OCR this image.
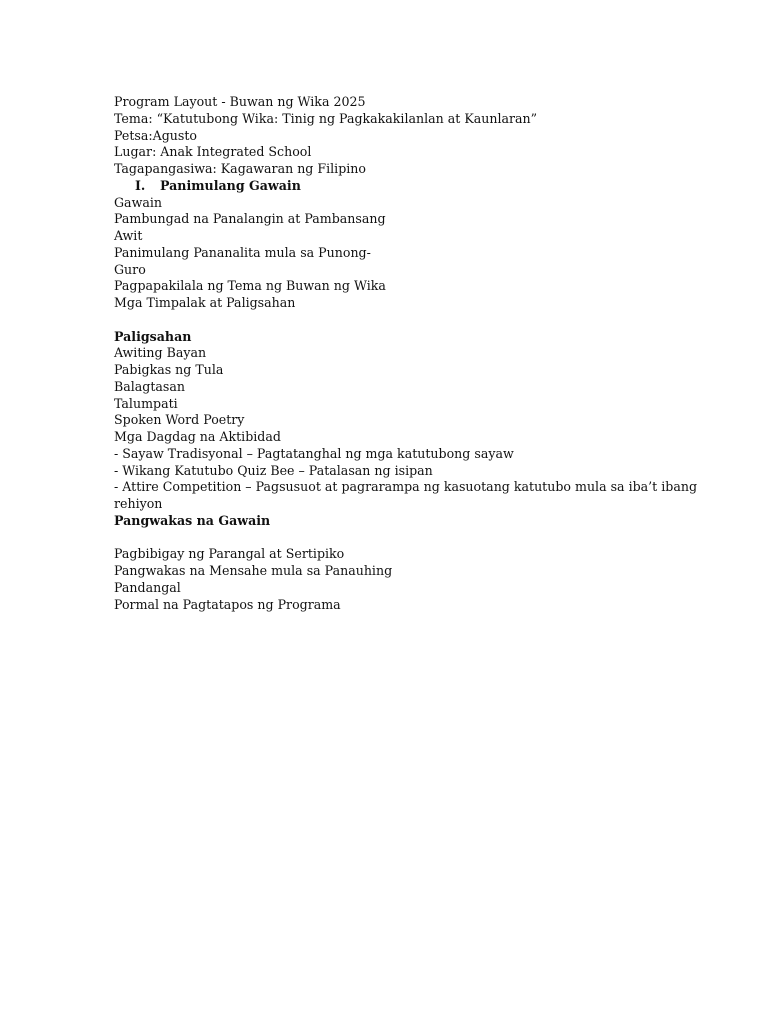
Program Layout - Buwan ng Wika 2025
Tema: “Katutubong Wika: Tinig ng Pagkakakilanlan at Kaunlaran”
Petsa:Agusto
Lugar: Anak Integrated School
Tagapangasiwa: Kagawaran ng Filipino
I.	Panimulang Gawain
Gawain
Pambungad na Panalangin at Pambansang
Awit
Panimulang Pananalita mula sa Punong-
Guro
Pagpapakilala ng Tema ng Buwan ng Wika
Mga Timpalak at Paligsahan
Paligsahan
Awiting Bayan
Pabigkas ng Tula
Balagtasan
Talumpati
Spoken Word Poetry
Mga Dagdag na Aktibidad
- Sayaw Tradisyonal – Pagtatanghal ng mga katutubong sayaw
- Wikang Katutubo Quiz Bee – Patalasan ng isipan
- Attire Competition – Pagsusuot at pagrarampa ng kasuotang katutubo mula sa iba’t ibang
rehiyon
Pangwakas na Gawain
Pagbibigay ng Parangal at Sertipiko
Pangwakas na Mensahe mula sa Panauhing
Pandangal
Pormal na Pagtatapos ng Programa
